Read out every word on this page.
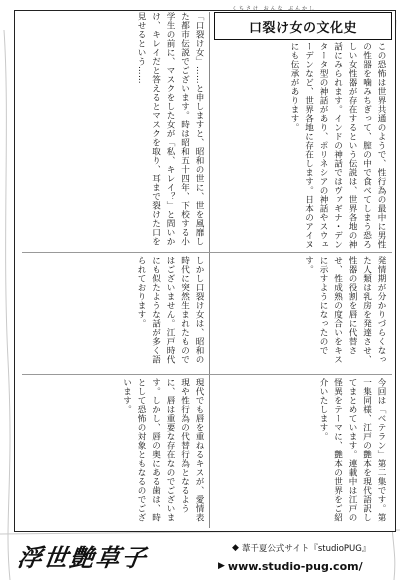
くちさけ おんな ぶんかし
口裂け女の文化史
この恐怖は世界共通のようで、性行為の最中に男性の性器を噛みちぎって、膣の中で食べてしまう恐ろしい女性器が存在するという伝説は、世界各地の神話にみられます。インドの神話ではヴァギナ・デンタータ型の神話があり、ポリネシアの神話やスウェーデンなど、世界各地に存在します。日本のアイヌにも伝承があります。
「口裂け女」……と申しますと、昭和の世に、世を風靡した都市伝説でございます。時は昭和五十四年、下校する小学生の前に、マスクをした女が「私、キレイ？」と問いかけ、キレイだと答えるとマスクを取り、耳まで裂けた口を見せるという……
発情期が分かりづらくなった人類は乳房を発達させ、性器の役割を唇に代替させ、性成熟の度合いをキスに示すようになったのです。
しかし口裂け女は、昭和の時代に突然生まれたものではございません。江戸時代にも似たような話が多く語られております。
今回は「ベテラン」第二集です。第一集同様、江戸の艶本を現代語訳してまとめています。連載中は江戸の怪異をテーマに、艶本の世界をご紹介いたします。
現代でも唇を重ねるキスが、愛情表現や性行為の代替行為となるように、唇は重要な存在なのでございます。しかし、唇の奥にある歯は、時として恐怖の対象ともなるのでございます。
浮世艶草子	◆ 葦千夏公式サイト『studioPUG』
▶ www.studio-pug.com/
